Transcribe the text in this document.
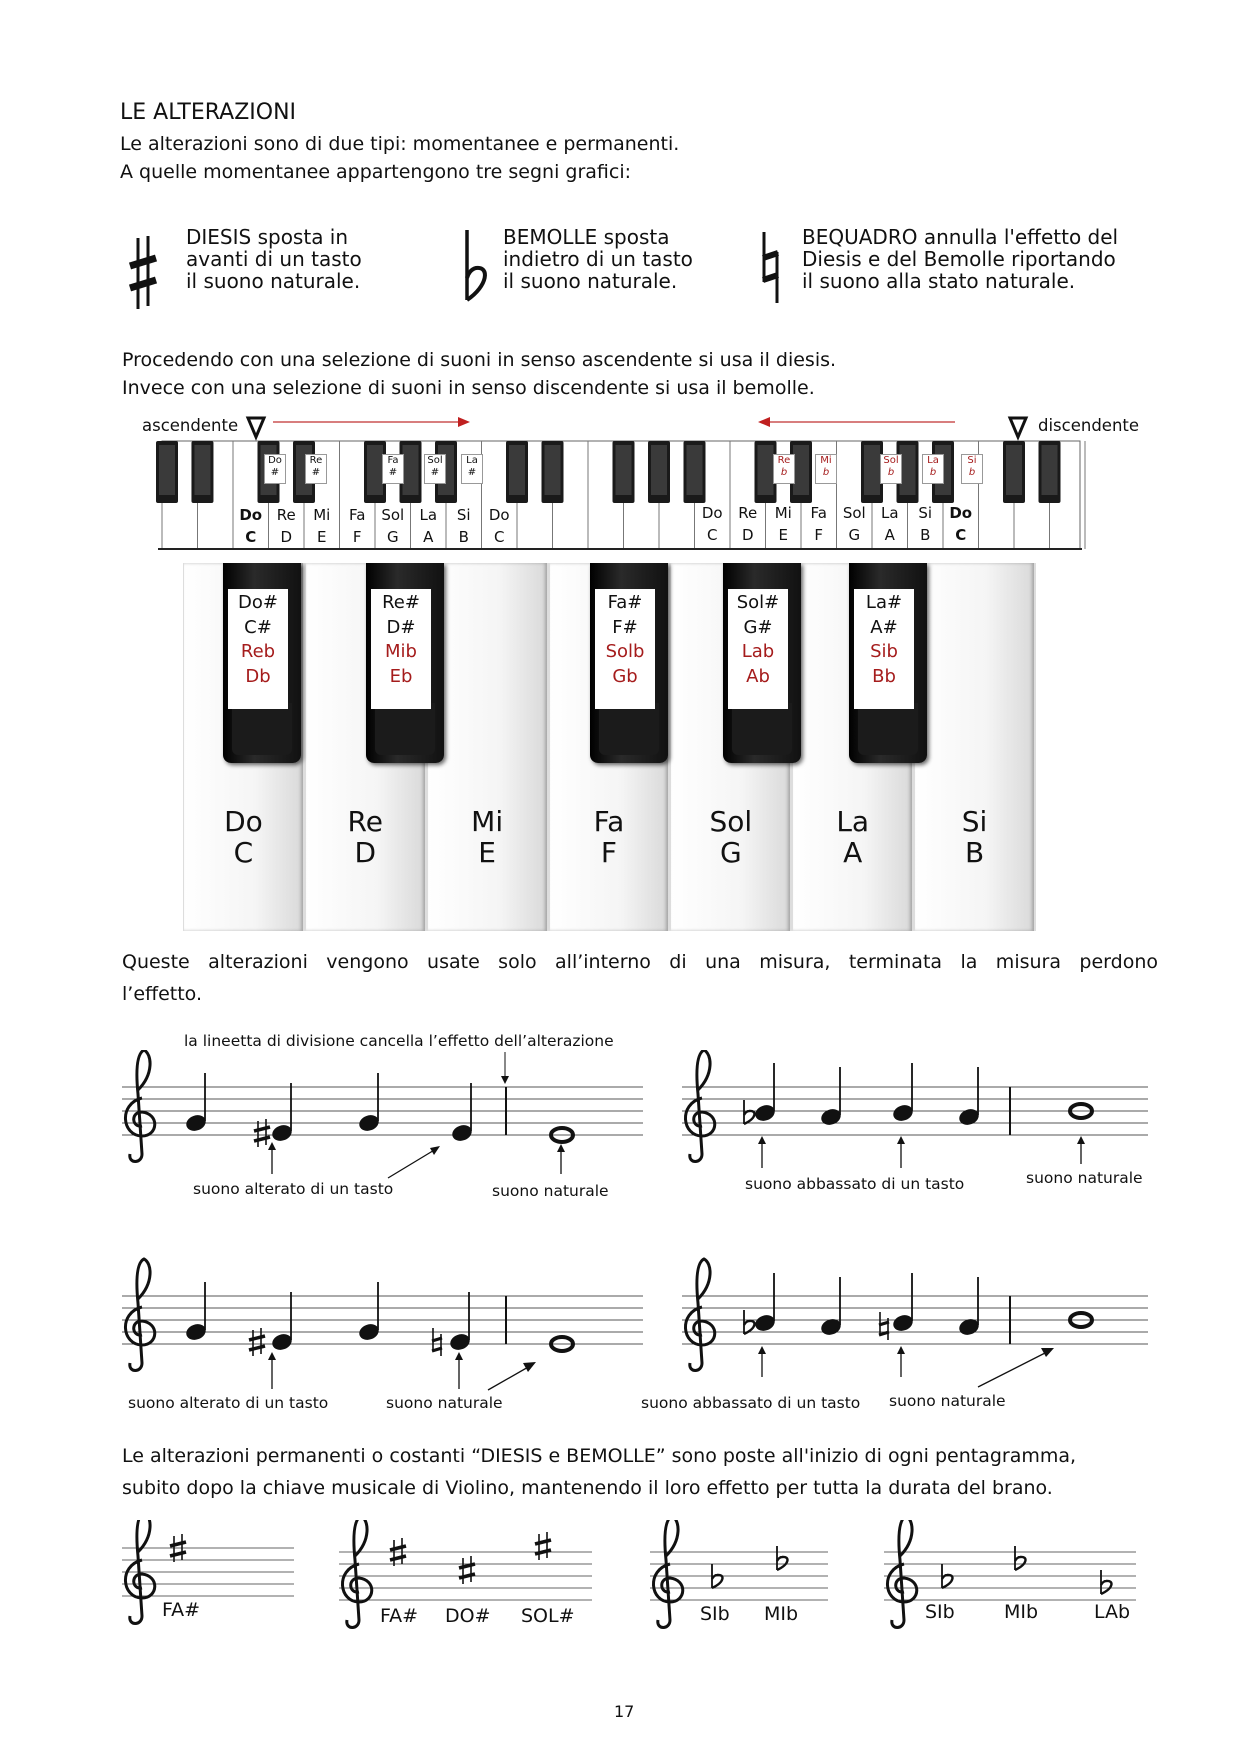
LE ALTERAZIONI
Le alterazioni sono di due tipi: momentanee e permanenti.
A quelle momentanee appartengono tre segni grafici:
DIESIS sposta in
avanti di un tasto
il suono naturale.
BEMOLLE sposta
indietro di un tasto
il suono naturale.
BEQUADRO annulla l'effetto del
Diesis e del Bemolle riportando
il suono alla stato naturale.
Procedendo con una selezione di suoni in senso ascendente si usa il diesis.
Invece con una selezione di suoni in senso discendente si usa il bemolle.
ascendente	discendente
Do
#
Re
#
Fa
#
Sol
#
La
#
Re
b
Mi
b
Sol
b
La
b
Si
b
Do
C
Re
D
Mi
E
Fa
F
Sol
G
La
A
Si
B
Do
C
Do
C
Re
D
Mi
E
Fa
F
Sol
G
La
A
Si
B
Do
C
Do
C
Re
D
Mi
E
Fa
F
Sol
G
La
A
Si
B
Do#
C#
Reb
Db
Re#
D#
Mib
Eb
Fa#
F#
Solb
Gb
Sol#
G#
Lab
Ab
La#
A#
Sib
Bb
Queste alterazioni vengono usate solo all’interno di una misura, terminata la misura perdono
l’effetto.
la lineetta di divisione cancella l’effetto dell’alterazione
suono alterato di un tasto	suono naturale	suono abbassato di un tasto	suono naturale
suono alterato di un tasto	suono naturale	suono abbassato di un tasto suono naturale
Le alterazioni permanenti o costanti “DIESIS e BEMOLLE” sono poste all'inizio di ogni pentagramma,
subito dopo la chiave musicale di Violino, mantenendo il loro effetto per tutta la durata del brano.
FA#	FA# DO# SOL#	SIb MIb	SIb	MIb	LAb
17
